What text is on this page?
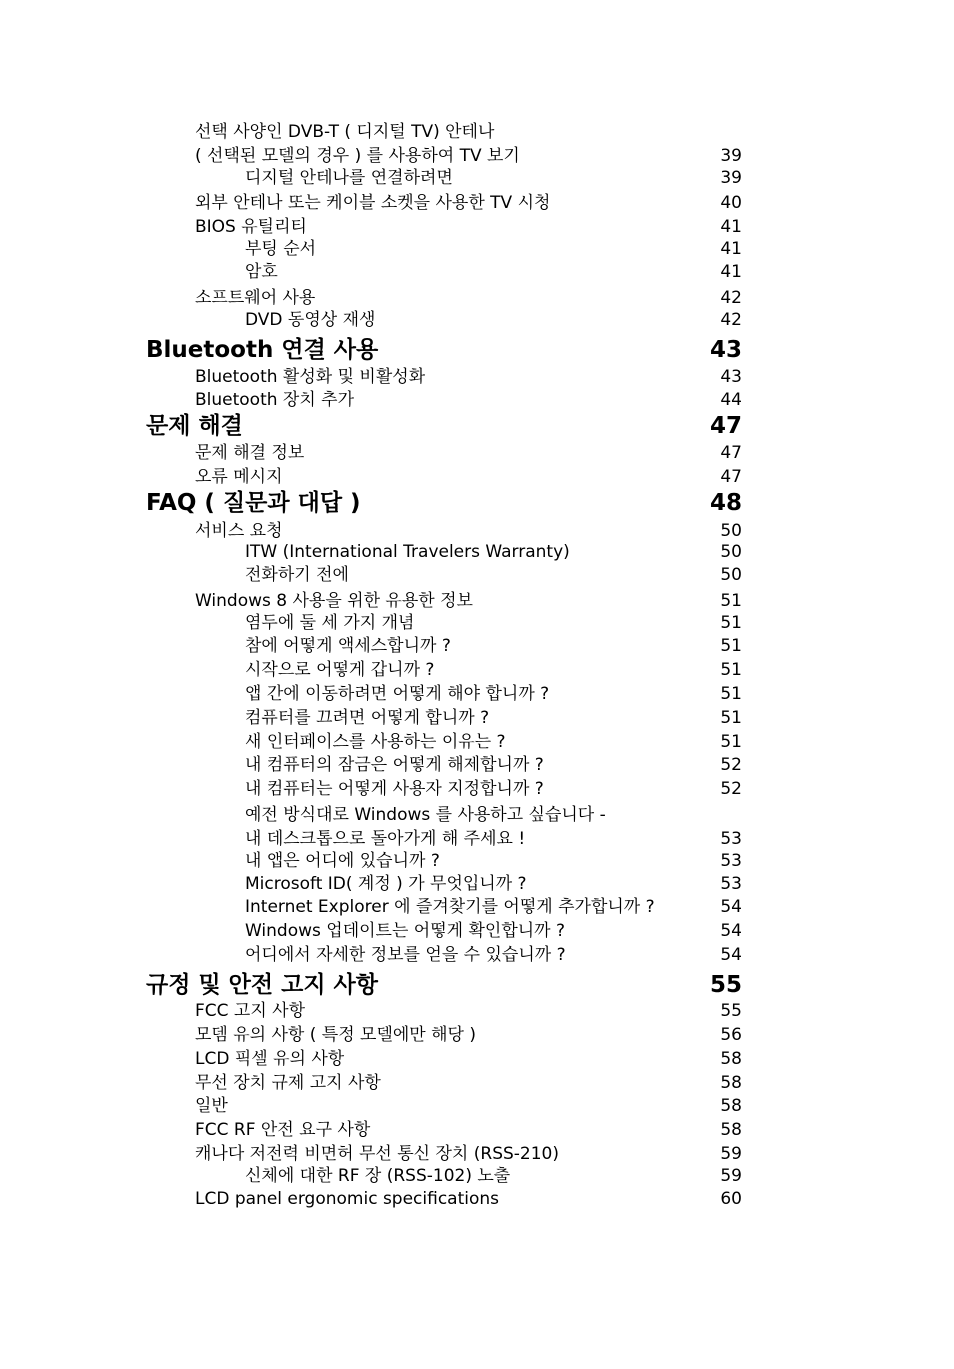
선택 사양인 DVB-T ( 디지털 TV) 안테나
( 선택된 모델의 경우 ) 를 사용하여 TV 보기	39
디지털 안테나를 연결하려면	39
외부 안테나 또는 케이블 소켓을 사용한 TV 시청	40
BIOS 유틸리티	41
부팅 순서	41
암호	41
소프트웨어 사용	42
DVD 동영상 재생	42
Bluetooth 연결 사용	43
Bluetooth 활성화 및 비활성화	43
Bluetooth 장치 추가	44
문제 해결	47
문제 해결 정보	47
오류 메시지	47
FAQ ( 질문과 대답 )	48
서비스 요청	50
ITW (International Travelers Warranty)	50
전화하기 전에	50
Windows 8 사용을 위한 유용한 정보	51
염두에 둘 세 가지 개념	51
참에 어떻게 액세스합니까 ?	51
시작으로 어떻게 갑니까 ?	51
앱 간에 이동하려면 어떻게 해야 합니까 ?	51
컴퓨터를 끄려면 어떻게 합니까 ?	51
새 인터페이스를 사용하는 이유는 ?	51
내 컴퓨터의 잠금은 어떻게 해제합니까 ?	52
내 컴퓨터는 어떻게 사용자 지정합니까 ?	52
예전 방식대로 Windows 를 사용하고 싶습니다 -
내 데스크톱으로 돌아가게 해 주세요 !	53
내 앱은 어디에 있습니까 ?	53
Microsoft ID( 계정 ) 가 무엇입니까 ?	53
Internet Explorer 에 즐겨찾기를 어떻게 추가합니까 ?	54
Windows 업데이트는 어떻게 확인합니까 ?	54
어디에서 자세한 정보를 얻을 수 있습니까 ?	54
규정 및 안전 고지 사항	55
FCC 고지 사항	55
모뎀 유의 사항 ( 특정 모델에만 해당 )	56
LCD 픽셀 유의 사항	58
무선 장치 규제 고지 사항	58
일반	58
FCC RF 안전 요구 사항	58
캐나다 저전력 비면허 무선 통신 장치 (RSS-210)	59
신체에 대한 RF 장 (RSS-102) 노출	59
LCD panel ergonomic specifications	60
